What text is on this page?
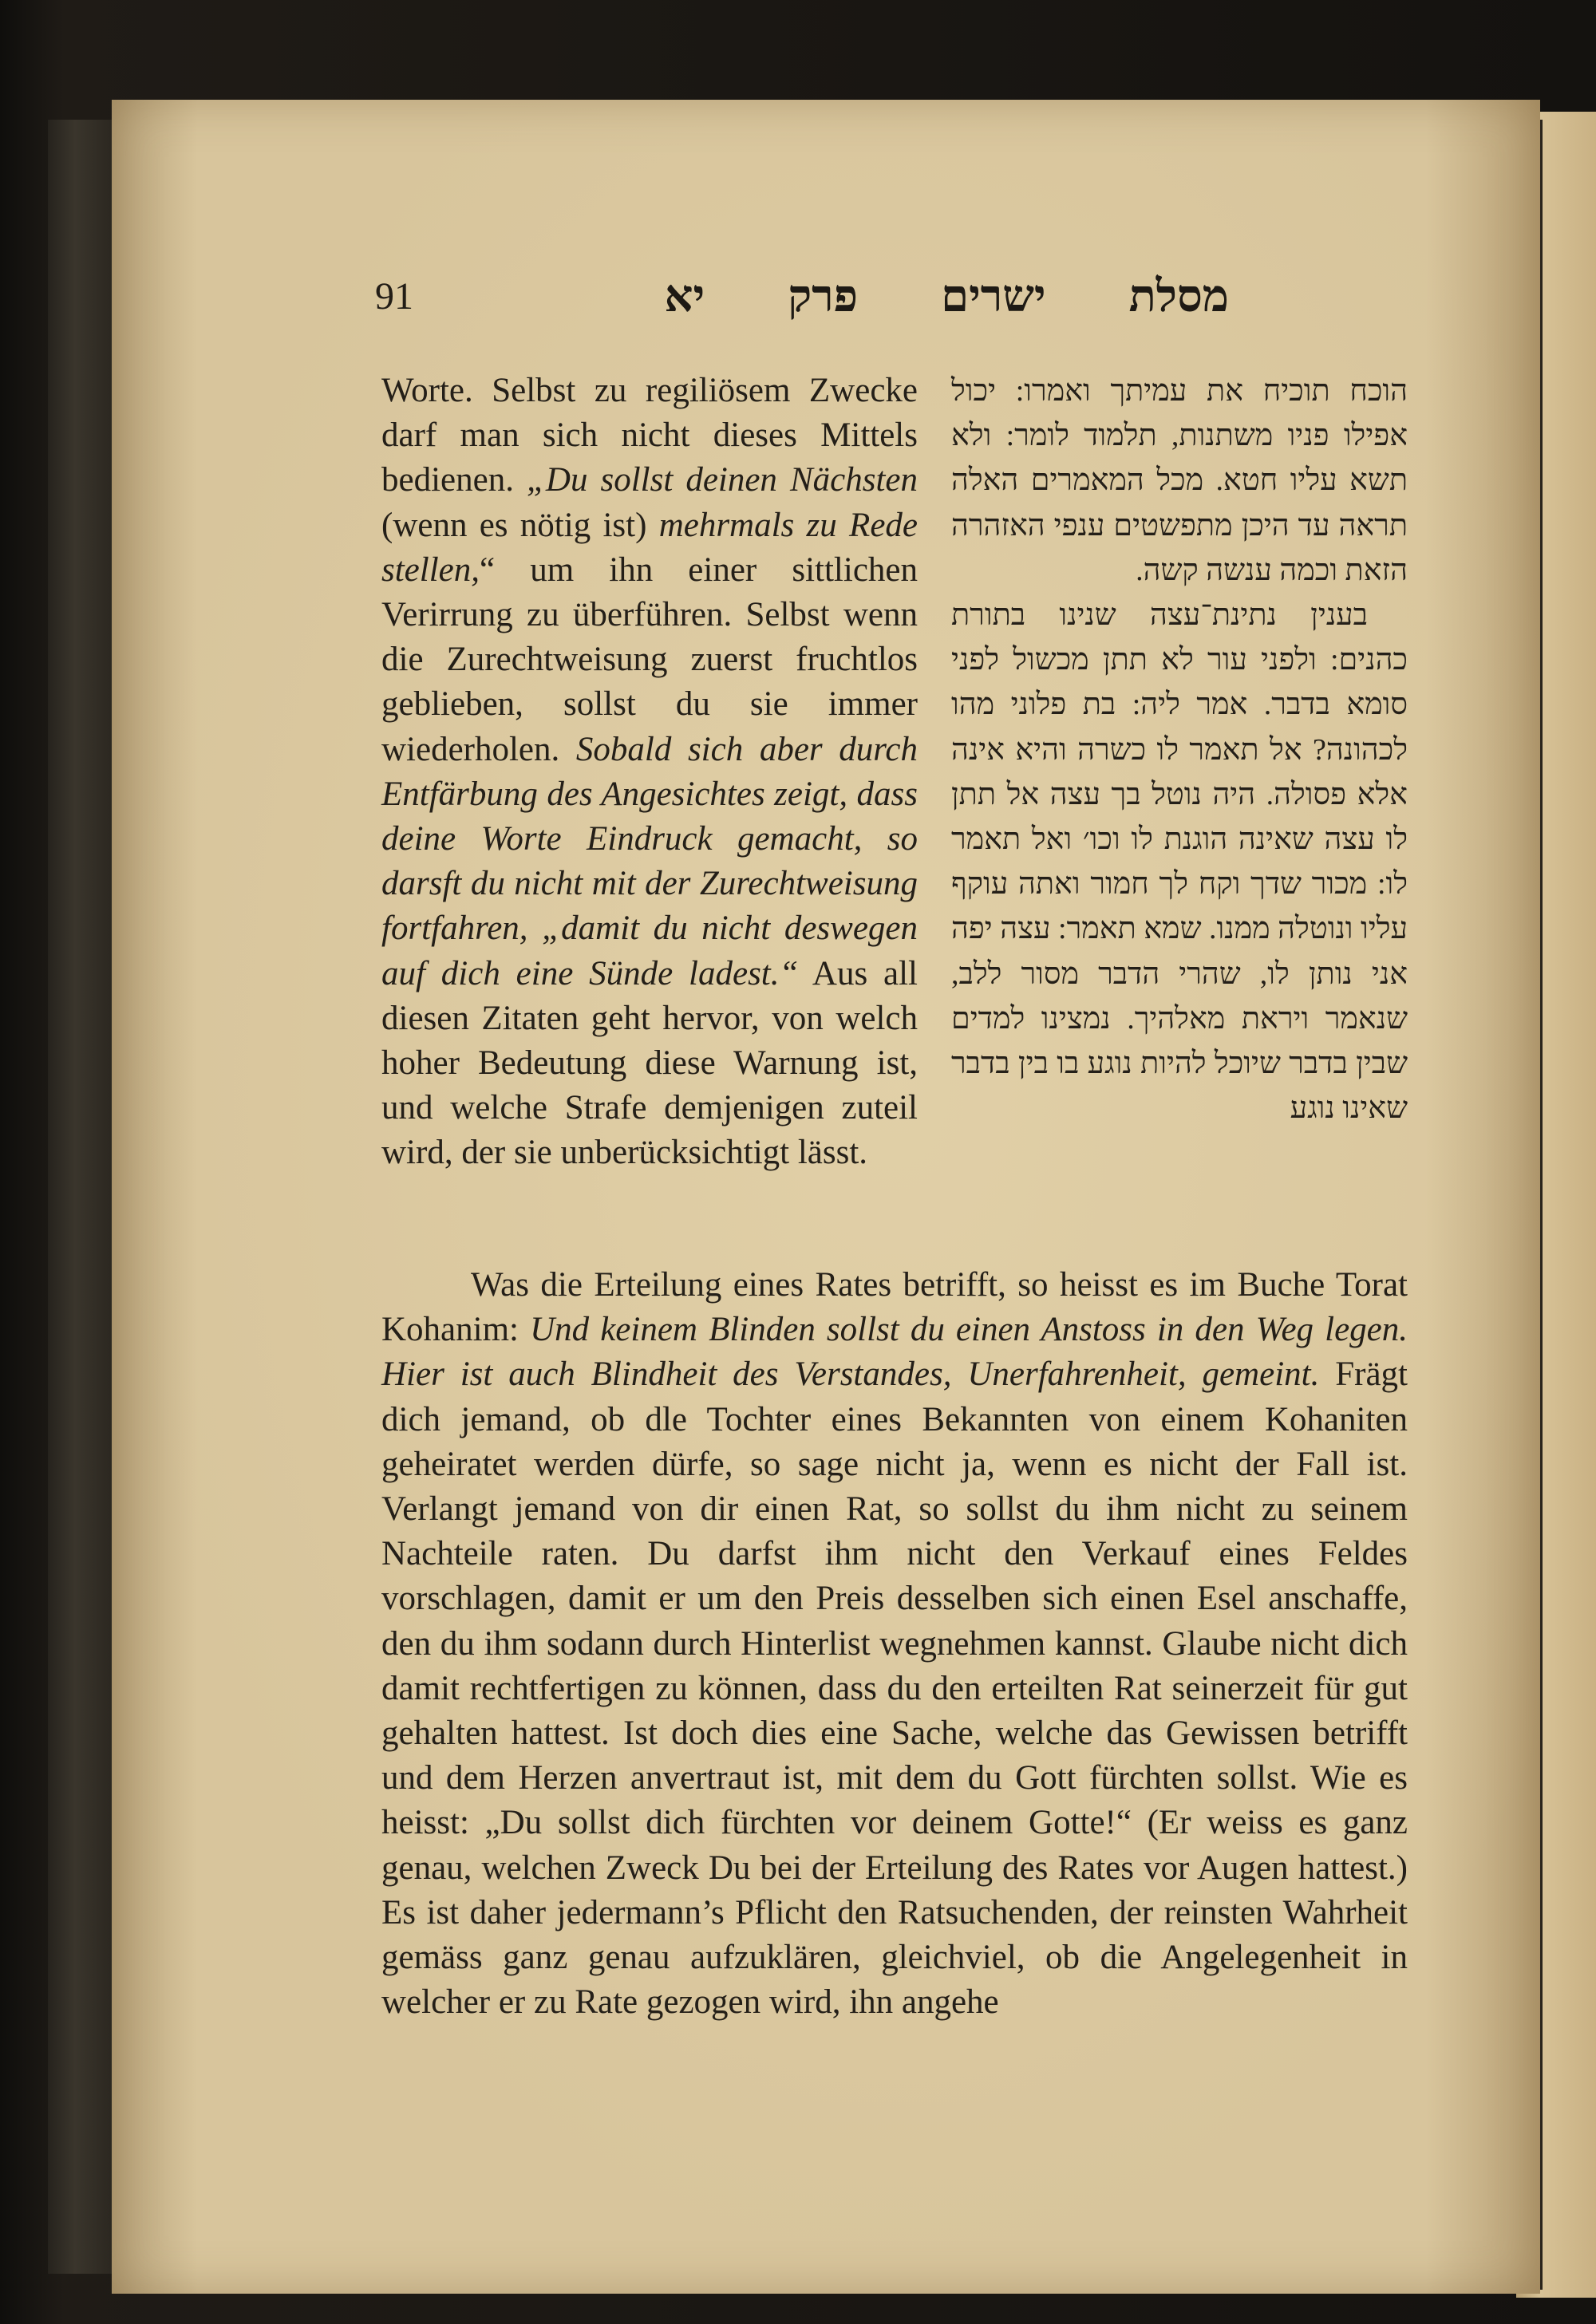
91	מסלת ישרים פרק יא

Worte. Selbst zu regiliösem Zwecke darf man sich nicht dieses Mittels bedienen. „Du sollst deinen Nächsten (wenn es nötig ist) mehrmals zu Rede stellen,“ um ihn einer sittlichen Verirrung zu überführen. Selbst wenn die Zurechtweisung zuerst fruchtlos geblieben, sollst du sie immer wiederholen. Sobald sich aber durch Entfärbung des Angesichtes zeigt, dass deine Worte Eindruck gemacht, so darsft du nicht mit der Zurechtweisung fortfahren, „damit du nicht deswegen auf dich eine Sünde ladest.“ Aus all diesen Zitaten geht hervor, von welch hoher Bedeutung diese Warnung ist, und welche Strafe demjenigen zuteil wird, der sie unberücksichtigt lässt.

הוכח תוכיח את עמיתך ואמרו: יכול אפילו פניו משתנות, תלמוד לומר: ולא תשא עליו חטא. מכל המאמרים האלה תראה עד היכן מתפשטים ענפי האזהרה הזאת וכמה ענשה קשה.

בענין נתינת־עצה שנינו בתורת כהנים: ולפני עור לא תתן מכשול לפני סומא בדבר. אמר ליה: בת פלוני מהו לכהונה? אל תאמר לו כשרה והיא אינה אלא פסולה. היה נוטל בך עצה אל תתן לו עצה שאינה הוגנת לו וכו׳ ואל תאמר לו: מכור שדך וקח לך חמור ואתה עוקף עליו ונוטלה ממנו. שמא תאמר: עצה יפה אני נותן לו, שהרי הדבר מסור ללב, שנאמר ויראת מאלהיך. נמצינו למדים שבין בדבר שיוכל להיות נוגע בו בין בדבר שאינו נוגע

Was die Erteilung eines Rates betrifft, so heisst es im Buche Torat Kohanim: Und keinem Blinden sollst du einen Anstoss in den Weg legen. Hier ist auch Blindheit des Verstandes, Unerfahrenheit, gemeint. Frägt dich jemand, ob dle Tochter eines Bekannten von einem Kohaniten geheiratet werden dürfe, so sage nicht ja, wenn es nicht der Fall ist. Verlangt jemand von dir einen Rat, so sollst du ihm nicht zu seinem Nachteile raten. Du darfst ihm nicht den Verkauf eines Feldes vorschlagen, damit er um den Preis desselben sich einen Esel anschaffe, den du ihm sodann durch Hinterlist wegnehmen kannst. Glaube nicht dich damit rechtfertigen zu können, dass du den erteilten Rat seinerzeit für gut gehalten hattest. Ist doch dies eine Sache, welche das Gewissen betrifft und dem Herzen anvertraut ist, mit dem du Gott fürchten sollst. Wie es heisst: „Du sollst dich fürchten vor deinem Gotte!“ (Er weiss es ganz genau, welchen Zweck Du bei der Erteilung des Rates vor Augen hattest.) Es ist daher jedermann’s Pflicht den Ratsuchenden, der reinsten Wahrheit gemäss ganz genau aufzuklären, gleichviel, ob die Angelegenheit in welcher er zu Rate gezogen wird, ihn angehe
